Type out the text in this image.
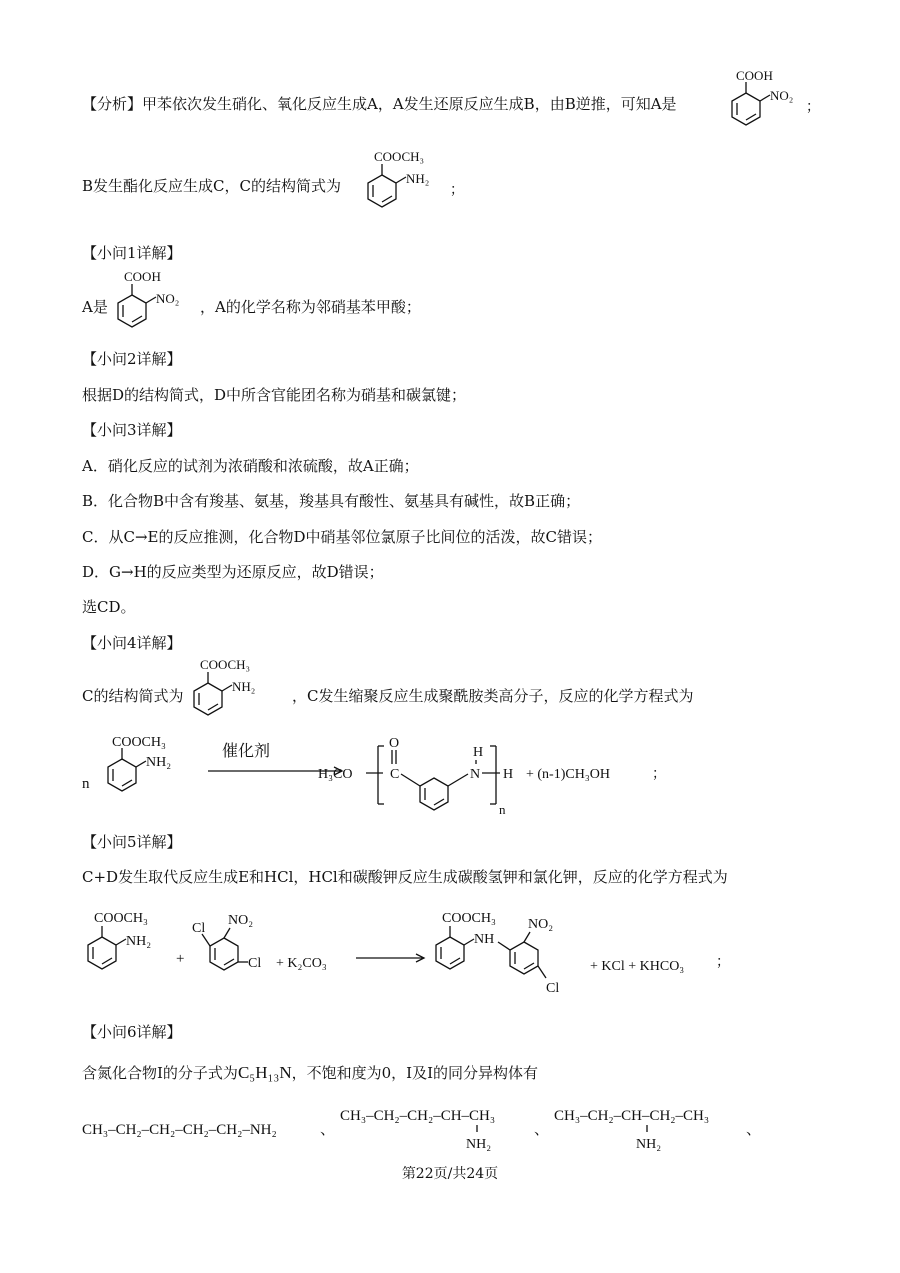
【分析】甲苯依次发生硝化、氧化反应生成A，A发生还原反应生成B，由B逆推，可知A是
COOH
NO₂
；
B发生酯化反应生成C，C的结构简式为
COOCH₃
NH₂
；
【小问1详解】
A是
COOH
NO₂ ，A的化学名称为邻硝基苯甲酸；
【小问2详解】
根据D的结构简式，D中所含官能团名称为硝基和碳氯键；
【小问3详解】
A．硝化反应的试剂为浓硝酸和浓硫酸，故A正确；
B．化合物B中含有羧基、氨基，羧基具有酸性、氨基具有碱性，故B正确；
C．从C→E的反应推测，化合物D中硝基邻位氯原子比间位的活泼，故C错误；
D．G→H的反应类型为还原反应，故D错误；
选CD。
【小问4详解】
C的结构简式为
COOCH₃
NH₂
，C发生缩聚反应生成聚酰胺类高分子，反应的化学方程式为
n
COOCH₃
NH₂
催化剂
H₃CO	C
O
N
H
n
H + (n-1)CH₃OH	；
【小问5详解】
C+D发生取代反应生成E和HCl，HCl和碳酸钾反应生成碳酸氢钾和氯化钾，反应的化学方程式为
COOCH₃
NH₂
+
Cl
NO₂
Cl + K₂CO₃
COOCH₃
NH
NO₂
Cl
+ KCl + KHCO₃ ；
【小问6详解】
含氮化合物I的分子式为C₅H₁₃N，不饱和度为0，I及I的同分异构体有
CH₃–CH₂–CH₂–CH₂–CH₂–NH₂	、
CH₃–CH₂–CH₂–CH–CH₃
NH₂
、
CH₃–CH₂–CH–CH₂–CH₃
NH₂
、
第22页/共24页
